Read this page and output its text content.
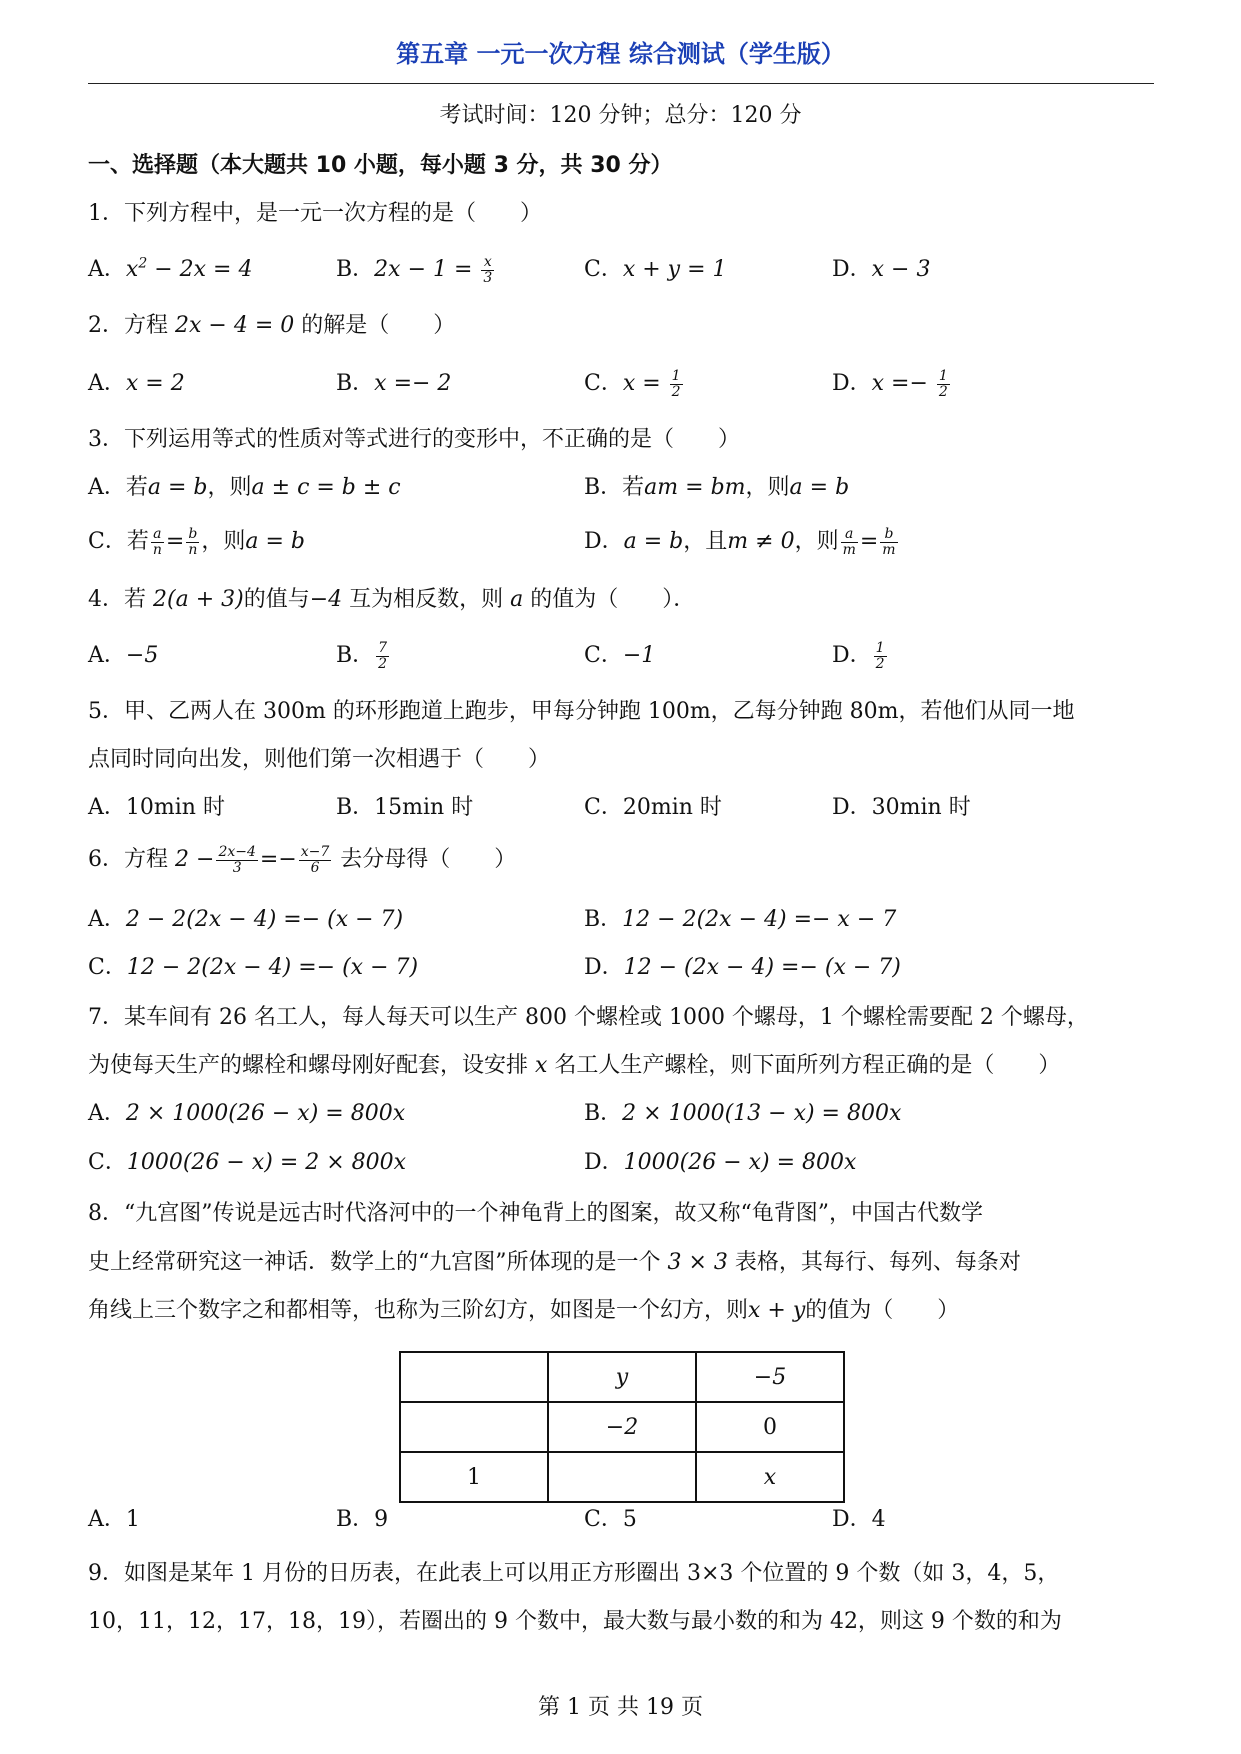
第五章 一元一次方程 综合测试（学生版）
考试时间：120 分钟；总分：120 分
一、选择题（本大题共 10 小题，每小题 3 分，共 30 分）
1．下列方程中，是一元一次方程的是（　　）
A．$x^2 - 2x = 4$	B．$2x - 1 = \frac{x}{3}$	C．x + y = 1	D．x − 3
2．方程 2x − 4 = 0 的解是（　　）
A．x = 2	B．x =− 2	C．$x = \frac{1}{2}$	D．$x =- \frac{1}{2}$
3．下列运用等式的性质对等式进行的变形中，不正确的是（　　）
A．若a = b，则a ± c = b ± c	B．若am = bm，则a = b
C．若 $\frac{a}{n} = \frac{b}{n}$ ，则a = b	D．a = b，且m ≠ 0，则 $\frac{a}{m} = \frac{b}{m}$
4．若 2(a + 3)的值与−4 互为相反数，则 a 的值为（　　）．
A．−5	B． $\frac{7}{2}$	C．−1	D． $\frac{1}{2}$
5．甲、乙两人在 300m 的环形跑道上跑步，甲每分钟跑 100m，乙每分钟跑 80m，若他们从同一地
点同时同向出发，则他们第一次相遇于（　　）
A．10min 时	B．15min 时	C．20min 时	D．30min 时
6．方程 $2 - \frac{2x-4}{3} =- \frac{x-7}{6}$ 去分母得（　　）
A．2 − 2(2x − 4) =− (x − 7)	B．12 − 2(2x − 4) =− x − 7
C．12 − 2(2x − 4) =− (x − 7)	D．12 − (2x − 4) =− (x − 7)
7．某车间有 26 名工人，每人每天可以生产 800 个螺栓或 1000 个螺母，1 个螺栓需要配 2 个螺母，
为使每天生产的螺栓和螺母刚好配套，设安排 x 名工人生产螺栓，则下面所列方程正确的是（　　）
A．2 × 1000(26 − x) = 800x	B．2 × 1000(13 − x) = 800x
C．1000(26 − x) = 2 × 800x	D．1000(26 − x) = 800x
8．“九宫图”传说是远古时代洛河中的一个神龟背上的图案，故又称“龟背图”，中国古代数学
史上经常研究这一神话．数学上的“九宫图”所体现的是一个 3 × 3 表格，其每行、每列、每条对
角线上三个数字之和都相等，也称为三阶幻方，如图是一个幻方，则x + y的值为（　　）
	y	−5
	−2	0
1		x
A．1	B．9	C．5	D．4
9．如图是某年 1 月份的日历表，在此表上可以用正方形圈出 3×3 个位置的 9 个数（如 3，4，5，
10，11，12，17，18，19），若圈出的 9 个数中，最大数与最小数的和为 42，则这 9 个数的和为
第 1 页 共 19 页
